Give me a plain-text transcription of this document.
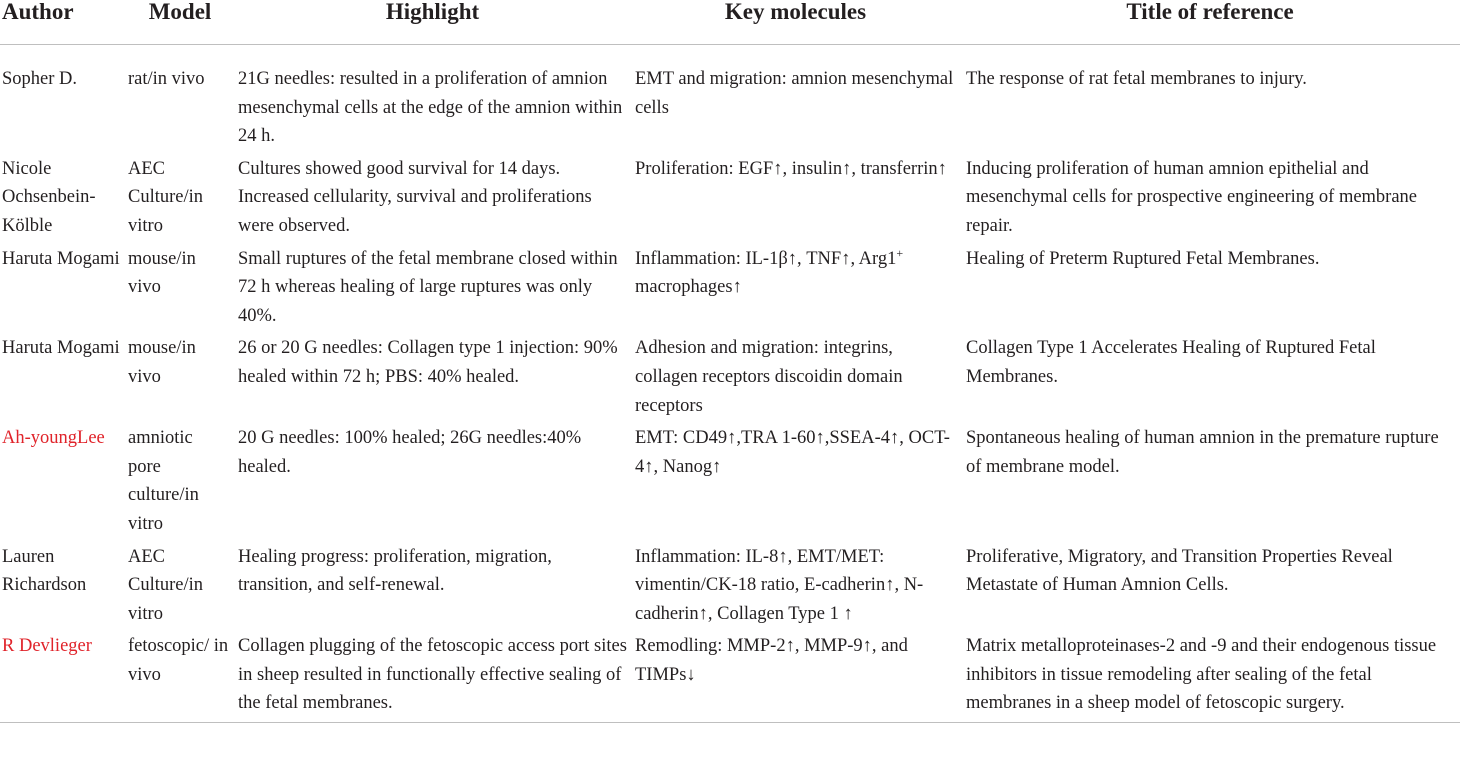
Author	Model	Highlight	Key molecules	Title of reference
Sopher D.	rat/in vivo	21G needles: resulted in a proliferation of amnion mesenchymal cells at the edge of the amnion within 24 h.	EMT and migration: amnion mesenchymal cells	The response of rat fetal membranes to injury.
Nicole Ochsenbein-Kölble	AEC Culture/in vitro	Cultures showed good survival for 14 days. Increased cellularity, survival and proliferations were observed.	Proliferation: EGF↑, insulin↑, transferrin↑	Inducing proliferation of human amnion epithelial and mesenchymal cells for prospective engineering of membrane repair.
Haruta Mogami	mouse/in vivo	Small ruptures of the fetal membrane closed within 72 h whereas healing of large ruptures was only 40%.	Inflammation: IL-1β↑, TNF↑, Arg1+ macrophages↑	Healing of Preterm Ruptured Fetal Membranes.
Haruta Mogami	mouse/in vivo	26 or 20 G needles: Collagen type 1 injection: 90% healed within 72 h; PBS: 40% healed.	Adhesion and migration: integrins, collagen receptors discoidin domain receptors	Collagen Type 1 Accelerates Healing of Ruptured Fetal Membranes.
Ah-youngLee	amniotic pore culture/in vitro	20 G needles: 100% healed; 26G needles:40% healed.	EMT: CD49↑,TRA 1-60↑,SSEA-4↑, OCT-4↑, Nanog↑	Spontaneous healing of human amnion in the premature rupture of membrane model.
Lauren Richardson	AEC Culture/in vitro	Healing progress: proliferation, migration, transition, and self-renewal.	Inflammation: IL-8↑, EMT/MET: vimentin/CK-18 ratio, E-cadherin↑, N-cadherin↑, Collagen Type 1 ↑	Proliferative, Migratory, and Transition Properties Reveal Metastate of Human Amnion Cells.
R Devlieger	fetoscopic/ in vivo	Collagen plugging of the fetoscopic access port sites in sheep resulted in functionally effective sealing of the fetal membranes.	Remodling: MMP-2↑, MMP-9↑, and TIMPs↓	Matrix metalloproteinases-2 and -9 and their endogenous tissue inhibitors in tissue remodeling after sealing of the fetal membranes in a sheep model of fetoscopic surgery.
